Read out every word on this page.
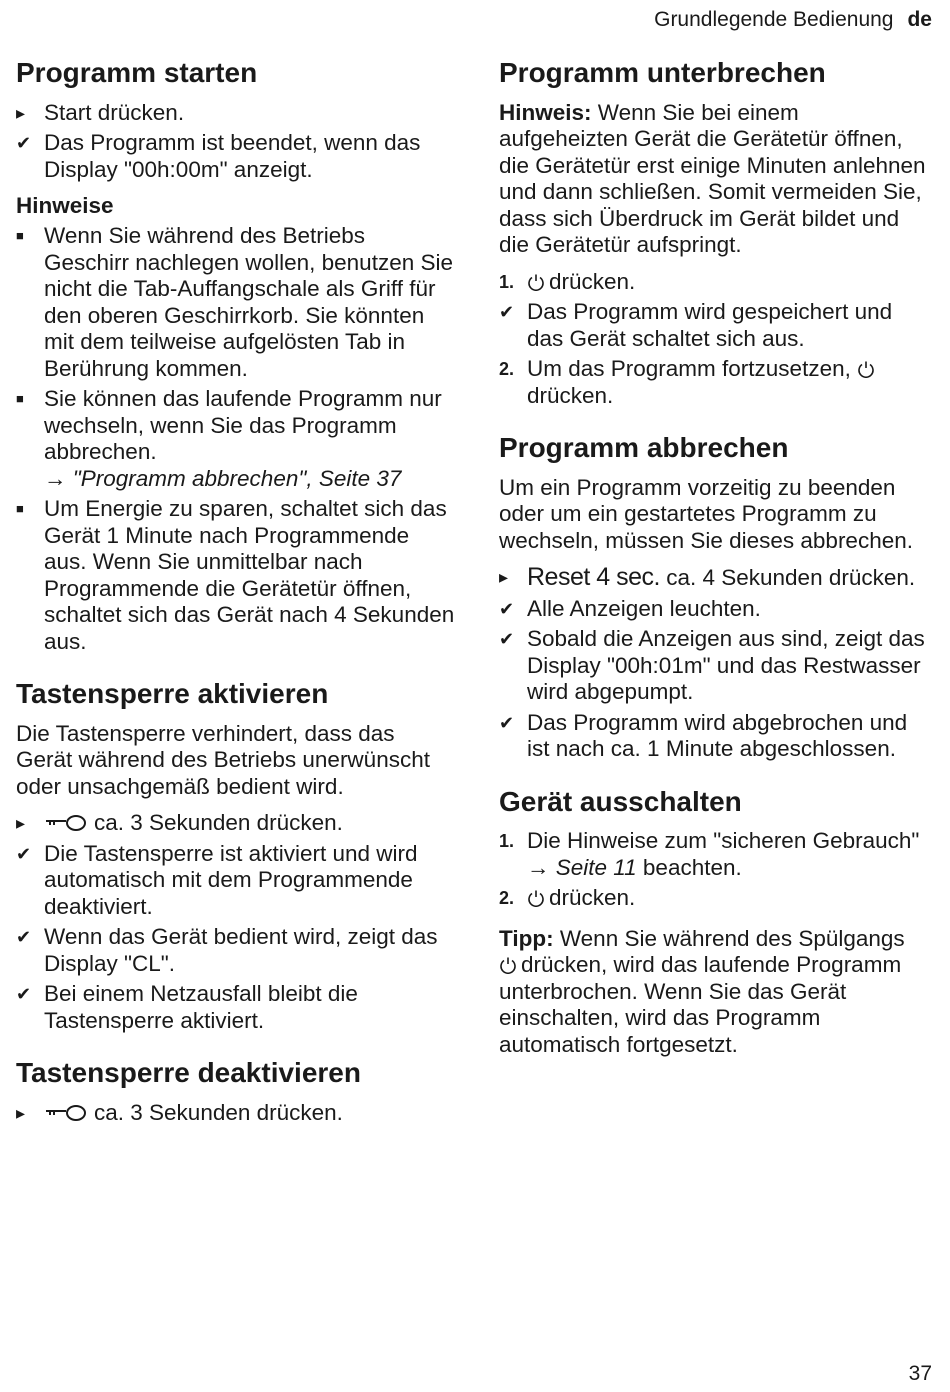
Grundlegende Bedienung de
Programm starten
▸ Start drücken.
✔ Das Programm ist beendet, wenn das Display "00h:00m" anzeigt.
Hinweise
■ Wenn Sie während des Betriebs Geschirr nachlegen wollen, benutzen Sie nicht die Tab-Auffangschale als Griff für den oberen Geschirrkorb. Sie könnten mit dem teilweise aufgelösten Tab in Berührung kommen.
■ Sie können das laufende Programm nur wechseln, wenn Sie das Programm abbrechen.
→ "Programm abbrechen", Seite 37
■ Um Energie zu sparen, schaltet sich das Gerät 1 Minute nach Programmende aus. Wenn Sie unmittelbar nach Programmende die Gerätetür öffnen, schaltet sich das Gerät nach 4 Sekunden aus.
Tastensperre aktivieren

Die Tastensperre verhindert, dass das Gerät während des Betriebs unerwünscht oder unsachgemäß bedient wird.

▸	ca. 3 Sekunden drücken.
✔ Die Tastensperre ist aktiviert und wird automatisch mit dem Programmende deaktiviert.
✔ Wenn das Gerät bedient wird, zeigt das Display "CL".
✔ Bei einem Netzausfall bleibt die Tastensperre aktiviert.
Tastensperre deaktivieren
▸	ca. 3 Sekunden drücken.
Programm unterbrechen

Hinweis: Wenn Sie bei einem aufgeheizten Gerät die Gerätetür öffnen, die Gerätetür erst einige Minuten anlehnen und dann schließen. Somit vermeiden Sie, dass sich Überdruck im Gerät bildet und die Gerätetür aufspringt.

1.	drücken.
✔ Das Programm wird gespeichert und das Gerät schaltet sich aus.
2. Um das Programm fortzusetzen,
drücken.
Programm abbrechen

Um ein Programm vorzeitig zu beenden oder um ein gestartetes Programm zu wechseln, müssen Sie dieses abbrechen.

▸ Reset 4 sec. ca. 4 Sekunden drücken.
✔ Alle Anzeigen leuchten.
✔ Sobald die Anzeigen aus sind, zeigt das Display "00h:01m" und das Restwasser wird abgepumpt.
✔ Das Programm wird abgebrochen und ist nach ca. 1 Minute abgeschlossen.
Gerät ausschalten
1. Die Hinweise zum "sicheren Gebrauch" → Seite 11 beachten.
2.	drücken.

Tipp: Wenn Sie während des Spülgangs drücken, wird das laufende Programm unterbrochen. Wenn Sie das Gerät einschalten, wird das Programm automatisch fortgesetzt.

37
